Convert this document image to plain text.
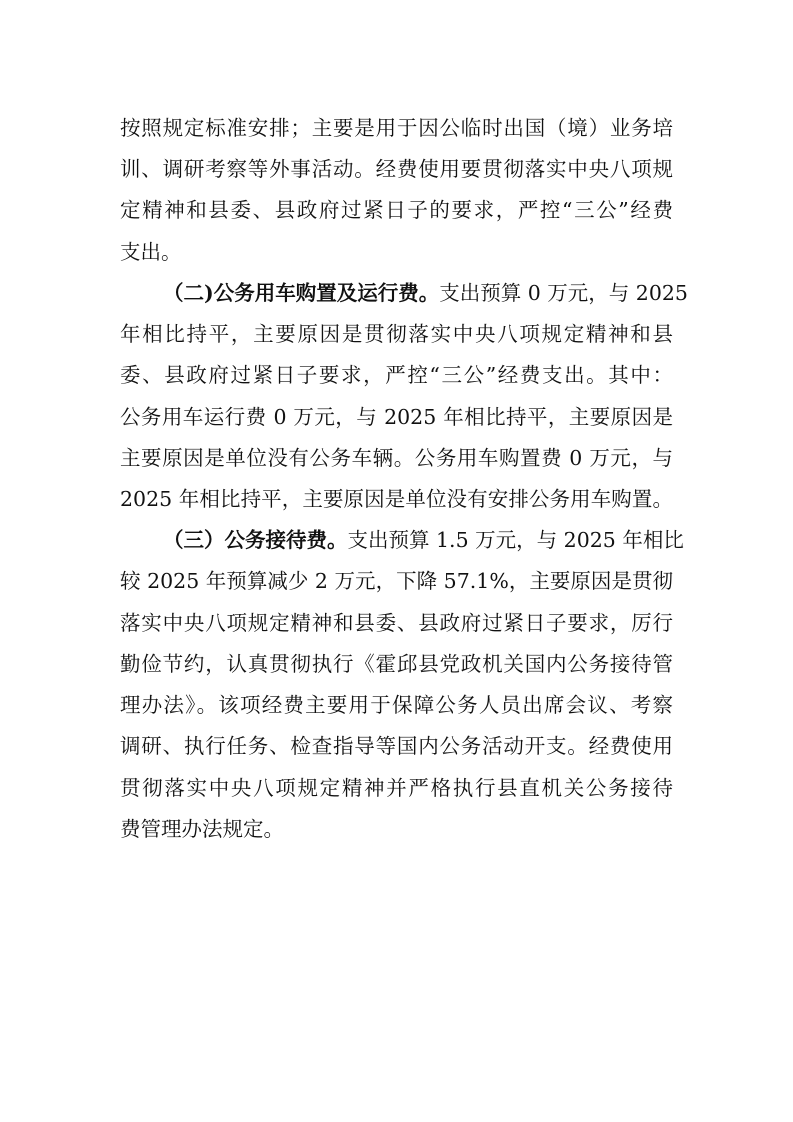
按照规定标准安排；主要是用于因公临时出国（境）业务培
训、调研考察等外事活动。经费使用要贯彻落实中央八项规
定精神和县委、县政府过紧日子的要求，严控“三公”经费
支出。
（二)公务用车购置及运行费。支出预算 0 万元，与 2025
年相比持平，主要原因是贯彻落实中央八项规定精神和县
委、县政府过紧日子要求，严控“三公”经费支出。其中：
公务用车运行费 0 万元，与 2025 年相比持平，主要原因是
主要原因是单位没有公务车辆。公务用车购置费 0 万元，与
2025 年相比持平，主要原因是单位没有安排公务用车购置。
（三）公务接待费。支出预算 1.5 万元，与 2025 年相比
较 2025 年预算减少 2 万元，下降 57.1%，主要原因是贯彻
落实中央八项规定精神和县委、县政府过紧日子要求，厉行
勤俭节约，认真贯彻执行《霍邱县党政机关国内公务接待管
理办法》。该项经费主要用于保障公务人员出席会议、考察
调研、执行任务、检查指导等国内公务活动开支。经费使用
贯彻落实中央八项规定精神并严格执行县直机关公务接待
费管理办法规定。
